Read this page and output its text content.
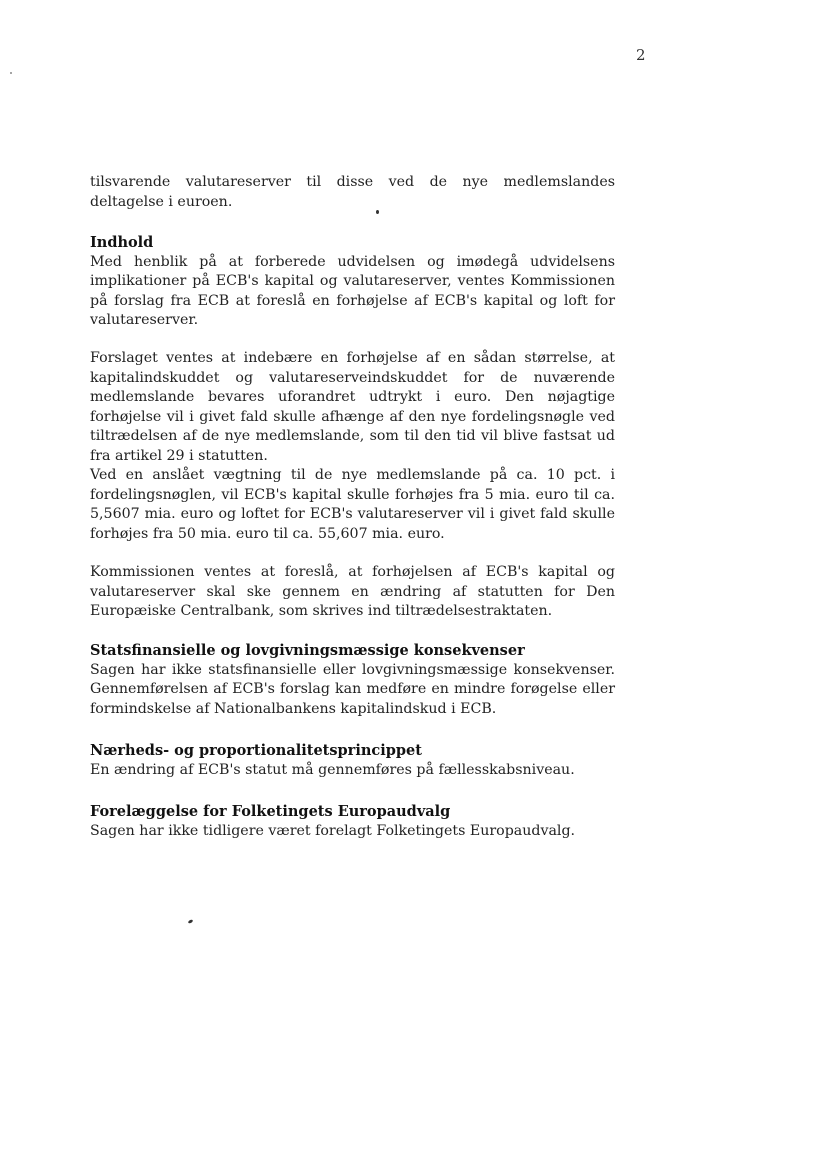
2

tilsvarende valutareserver til disse ved de nye medlemslandes deltagelse i euroen.

Indhold

Med henblik på at forberede udvidelsen og imødegå udvidelsens implikationer på ECB's kapital og valutareserver, ventes Kommissionen på forslag fra ECB at foreslå en forhøjelse af ECB's kapital og loft for valutareserver.

Forslaget ventes at indebære en forhøjelse af en sådan størrelse, at kapitalindskuddet og valutareserveindskuddet for de nuværende medlemslande bevares uforandret udtrykt i euro. Den nøjagtige forhøjelse vil i givet fald skulle afhænge af den nye fordelingsnøgle ved tiltrædelsen af de nye medlemslande, som til den tid vil blive fastsat ud fra artikel 29 i statutten.

Ved en anslået vægtning til de nye medlemslande på ca. 10 pct. i fordelingsnøglen, vil ECB's kapital skulle forhøjes fra 5 mia. euro til ca. 5,5607 mia. euro og loftet for ECB's valutareserver vil i givet fald skulle forhøjes fra 50 mia. euro til ca. 55,607 mia. euro.

Kommissionen ventes at foreslå, at forhøjelsen af ECB's kapital og valutareserver skal ske gennem en ændring af statutten for Den Europæiske Centralbank, som skrives ind tiltrædelsestraktaten.

Statsfinansielle og lovgivningsmæssige konsekvenser

Sagen har ikke statsfinansielle eller lovgivningsmæssige konsekvenser. Gennemførelsen af ECB's forslag kan medføre en mindre forøgelse eller formindskelse af Nationalbankens kapitalindskud i ECB.

Nærheds- og proportionalitetsprincippet

En ændring af ECB's statut må gennemføres på fællesskabsniveau.

Forelæggelse for Folketingets Europaudvalg

Sagen har ikke tidligere været forelagt Folketingets Europaudvalg.
